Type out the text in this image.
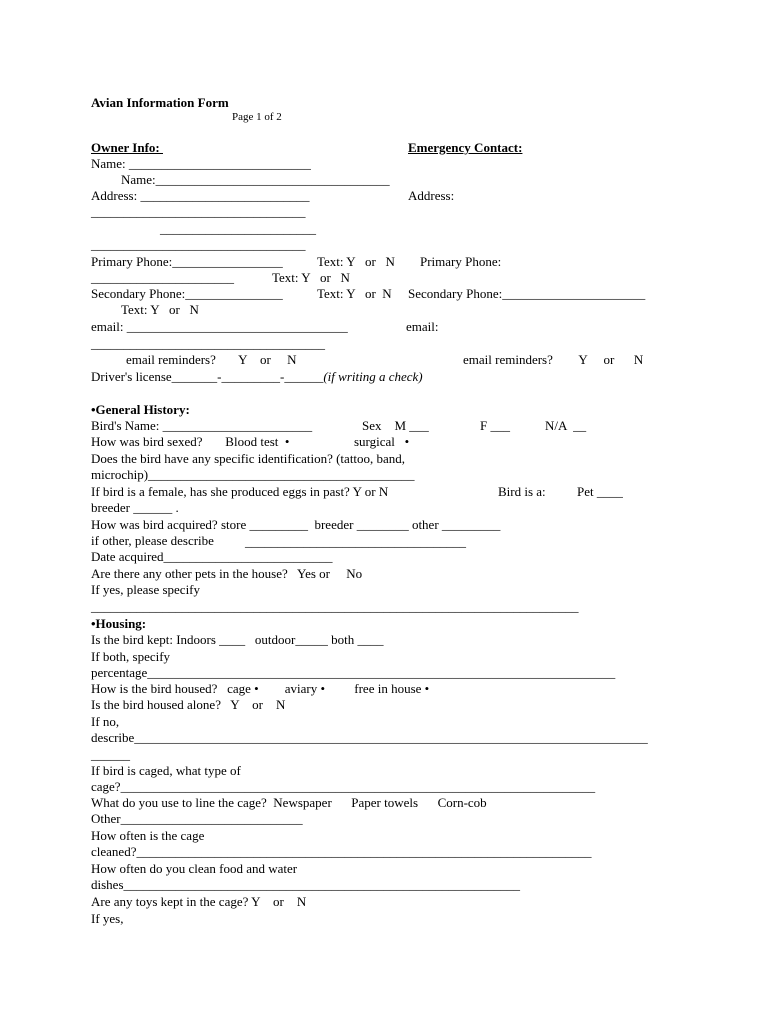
Avian Information Form
Page 1 of 2
Owner Info:	Emergency Contact:
Name: ____________________________
Name:____________________________________
Address: __________________________	Address:
_________________________________
________________________
_________________________________
Primary Phone:_________________	Text: Y   or   N Primary Phone:
______________________	Text: Y   or   N
Secondary Phone:_______________	Text: Y   or  N Secondary Phone:______________________
Text: Y   or   N
email: __________________________________	email:
____________________________________
email reminders?       Y    or     N	email reminders?        Y     or      N
Driver's license_______-_________-______(if writing a check)
•General History:
Bird's Name: _______________________	Sex    M ___	F ___	N/A  __
How was bird sexed?       Blood test  •	surgical   •
Does the bird have any specific identification? (tattoo, band,
microchip)_________________________________________
If bird is a female, has she produced eggs in past? Y or N	Bird is a: Pet ____
breeder ______ .
How was bird acquired? store _________  breeder ________ other _________
if other, please describe __________________________________
Date acquired__________________________
Are there any other pets in the house?   Yes or     No
If yes, please specify
___________________________________________________________________________
•Housing:
Is the bird kept: Indoors ____   outdoor_____ both ____
If both, specify
percentage________________________________________________________________________
How is the bird housed?   cage •        aviary •         free in house •
Is the bird housed alone?   Y    or    N
If no,
describe_______________________________________________________________________________
______
If bird is caged, what type of
cage?_________________________________________________________________________
What do you use to line the cage?  Newspaper      Paper towels      Corn-cob
Other____________________________
How often is the cage
cleaned?______________________________________________________________________
How often do you clean food and water
dishes_____________________________________________________________
Are any toys kept in the cage? Y    or    N
If yes,
